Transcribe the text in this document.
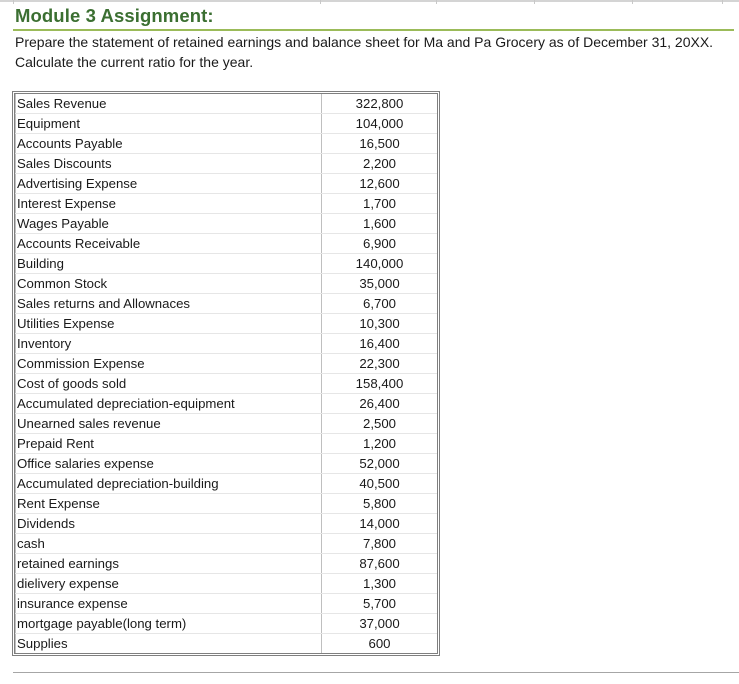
Module 3 Assignment:
Prepare the statement of retained earnings and balance sheet for Ma and Pa Grocery as of December 31, 20XX.
Calculate the current ratio for the year.
Sales Revenue	322,800
Equipment	104,000
Accounts Payable	16,500
Sales Discounts	2,200
Advertising Expense	12,600
Interest Expense	1,700
Wages Payable	1,600
Accounts Receivable	6,900
Building	140,000
Common Stock	35,000
Sales returns and Allownaces	6,700
Utilities Expense	10,300
Inventory	16,400
Commission Expense	22,300
Cost of goods sold	158,400
Accumulated depreciation-equipment	26,400
Unearned sales revenue	2,500
Prepaid Rent	1,200
Office salaries expense	52,000
Accumulated depreciation-building	40,500
Rent Expense	5,800
Dividends	14,000
cash	7,800
retained earnings	87,600
dielivery expense	1,300
insurance expense	5,700
mortgage payable(long term)	37,000
Supplies	600
